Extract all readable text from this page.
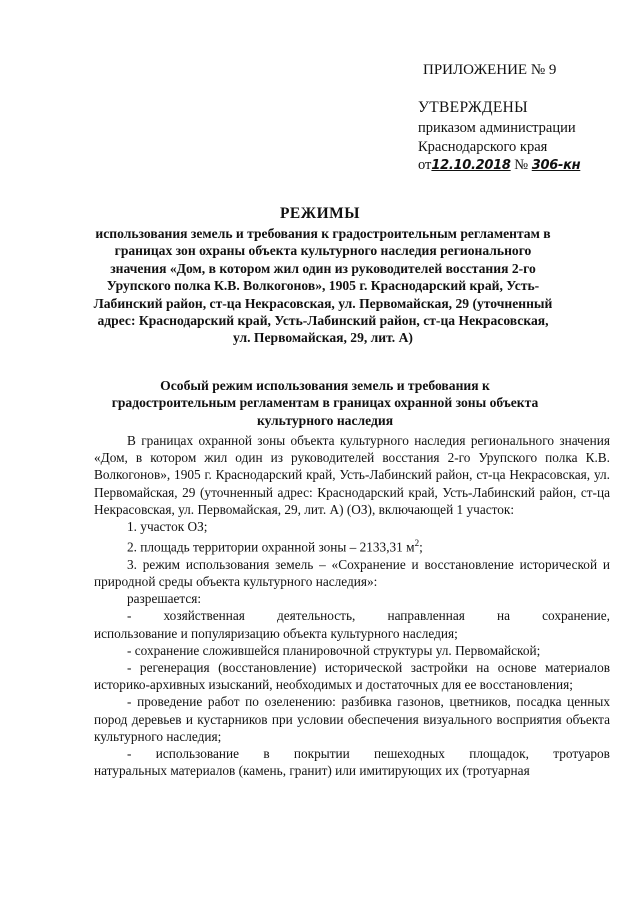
ПРИЛОЖЕНИЕ № 9
УТВЕРЖДЕНЫ
приказом администрации
Краснодарского края
от12.10.2018 № 306-кн
РЕЖИМЫ
использования земель и требования к градостроительным регламентам в границах зон охраны объекта культурного наследия регионального значения «Дом, в котором жил один из руководителей восстания 2-го Урупского полка К.В. Волкогонов», 1905 г. Краснодарский край, Усть-Лабинский район, ст-ца Некрасовская, ул. Первомайская, 29 (уточненный адрес: Краснодарский край, Усть-Лабинский район, ст-ца Некрасовская, ул. Первомайская, 29, лит. А)
Особый режим использования земель и требования к градостроительным регламентам в границах охранной зоны объекта культурного наследия

В границах охранной зоны объекта культурного наследия регионального значения «Дом, в котором жил один из руководителей восстания 2-го Урупского полка К.В. Волкогонов», 1905 г. Краснодарский край, Усть-Лабинский район, ст-ца Некрасовская, ул. Первомайская, 29 (уточненный адрес: Краснодарский край, Усть-Лабинский район, ст-ца Некрасовская, ул. Первомайская, 29, лит. А) (ОЗ), включающей 1 участок:

1. участок ОЗ;

2. площадь территории охранной зоны – 2133,31 $м^2$;

3. режим использования земель – «Сохранение и восстановление исторической и природной среды объекта культурного наследия»:

разрешается:

- хозяйственная деятельность, направленная на сохранение,

использование и популяризацию объекта культурного наследия;

- сохранение сложившейся планировочной структуры ул. Первомайской;

- регенерация (восстановление) исторической застройки на основе материалов историко-архивных изысканий, необходимых и достаточных для ее восстановления;

- проведение работ по озеленению: разбивка газонов, цветников, посадка ценных пород деревьев и кустарников при условии обеспечения визуального восприятия объекта культурного наследия;

- использование в покрытии пешеходных площадок, тротуаров

натуральных материалов (камень, гранит) или имитирующих их (тротуарная
